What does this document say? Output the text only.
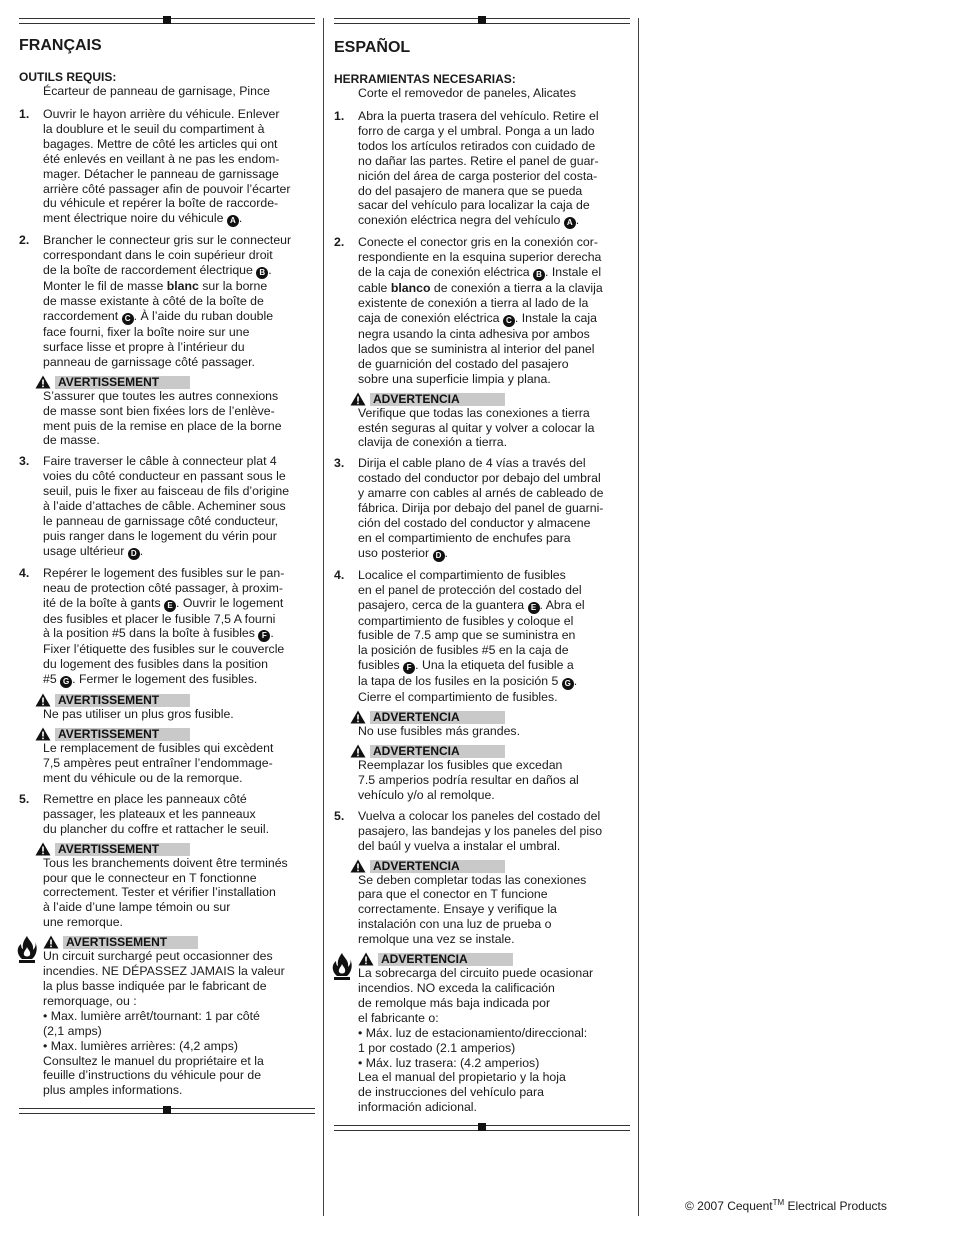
FRANÇAIS
OUTILS REQUIS:
Écarteur de panneau de garnisage, Pince
1. Ouvrir le hayon arrière du véhicule. Enlever
la doublure et le seuil du compartiment à
bagages. Mettre de côté les articles qui ont
été enlevés en veillant à ne pas les endom-
mager. Détacher le panneau de garnissage
arrière côté passager afin de pouvoir l’écarter
du véhicule et repérer la boîte de raccorde-
ment électrique noire du véhicule A .
2. Brancher le connecteur gris sur le connecteur
correspondant dans le coin supérieur droit
de la boîte de raccordement électrique B .
Monter le fil de masse blanc sur la borne
de masse existante à côté de la boîte de
raccordement C . À l’aide du ruban double
face fourni, fixer la boîte noire sur une
surface lisse et propre à l’intérieur du
panneau de garnissage côté passager.
AVERTISSEMENT
S’assurer que toutes les autres connexions
de masse sont bien fixées lors de l’enlève-
ment puis de la remise en place de la borne
de masse.
3. Faire traverser le câble à connecteur plat 4
voies du côté conducteur en passant sous le
seuil, puis le fixer au faisceau de fils d’origine
à l’aide d’attaches de câble. Acheminer sous
le panneau de garnissage côté conducteur,
puis ranger dans le logement du vérin pour
usage ultérieur D .
4. Repérer le logement des fusibles sur le pan-
neau de protection côté passager, à proxim-
ité de la boîte à gants E . Ouvrir le logement
des fusibles et placer le fusible 7,5 A fourni
à la position #5 dans la boîte à fusibles F .
Fixer l’étiquette des fusibles sur le couvercle
du logement des fusibles dans la position
#5 G . Fermer le logement des fusibles.
AVERTISSEMENT
Ne pas utiliser un plus gros fusible.
AVERTISSEMENT
Le remplacement de fusibles qui excèdent
7,5 ampères peut entraîner l’endommage-
ment du véhicule ou de la remorque.
5. Remettre en place les panneaux côté
passager, les plateaux et les panneaux
du plancher du coffre et rattacher le seuil.
AVERTISSEMENT
Tous les branchements doivent être terminés
pour que le connecteur en T fonctionne
correctement. Tester et vérifier l’installation
à l’aide d’une lampe témoin ou sur
une remorque.
AVERTISSEMENT
Un circuit surchargé peut occasionner des
incendies. NE DÉPASSEZ JAMAIS la valeur
la plus basse indiquée par le fabricant de
remorquage, ou :
• Max. lumière arrêt/tournant: 1 par côté
(2,1 amps)
• Max. lumières arrières: (4,2 amps)
Consultez le manuel du propriétaire et la
feuille d’instructions du véhicule pour de
plus amples informations.
ESPAÑOL
HERRAMIENTAS NECESARIAS:
Corte el removedor de paneles, Alicates
1. Abra la puerta trasera del vehículo. Retire el
forro de carga y el umbral. Ponga a un lado
todos los artículos retirados con cuidado de
no dañar las partes. Retire el panel de guar-
nición del área de carga posterior del costa-
do del pasajero de manera que se pueda
sacar del vehículo para localizar la caja de
conexión eléctrica negra del vehículo A .
2. Conecte el conector gris en la conexión cor-
respondiente en la esquina superior derecha
de la caja de conexión eléctrica B . Instale el
cable blanco de conexión a tierra a la clavija
existente de conexión a tierra al lado de la
caja de conexión eléctrica C . Instale la caja
negra usando la cinta adhesiva por ambos
lados que se suministra al interior del panel
de guarnición del costado del pasajero
sobre una superficie limpia y plana.
ADVERTENCIA
Verifique que todas las conexiones a tierra
estén seguras al quitar y volver a colocar la
clavija de conexión a tierra.
3. Dirija el cable plano de 4 vías a través del
costado del conductor por debajo del umbral
y amarre con cables al arnés de cableado de
fábrica. Dirija por debajo del panel de guarni-
ción del costado del conductor y almacene
en el compartimiento de enchufes para
uso posterior D .
4. Localice el compartimiento de fusibles
en el panel de protección del costado del
pasajero, cerca de la guantera E . Abra el
compartimiento de fusibles y coloque el
fusible de 7.5 amp que se suministra en
la posición de fusibles #5 en la caja de
fusibles F . Una la etiqueta del fusible a
la tapa de los fusiles en la posición 5 G .
Cierre el compartimiento de fusibles.
ADVERTENCIA
No use fusibles más grandes.
ADVERTENCIA
Reemplazar los fusibles que excedan
7.5 amperios podría resultar en daños al
vehículo y/o al remolque.
5. Vuelva a colocar los paneles del costado del
pasajero, las bandejas y los paneles del piso
del baúl y vuelva a instalar el umbral.
ADVERTENCIA
Se deben completar todas las conexiones
para que el conector en T funcione
correctamente. Ensaye y verifique la
instalación con una luz de prueba o
remolque una vez se instale.
ADVERTENCIA
La sobrecarga del circuito puede ocasionar
incendios. NO exceda la calificación
de remolque más baja indicada por
el fabricante o:
• Máx. luz de estacionamiento/direccional:
1 por costado (2.1 amperios)
• Máx. luz trasera: (4.2 amperios)
Lea el manual del propietario y la hoja
de instrucciones del vehículo para
información adicional.
© 2007 Cequent™ Electrical Products
